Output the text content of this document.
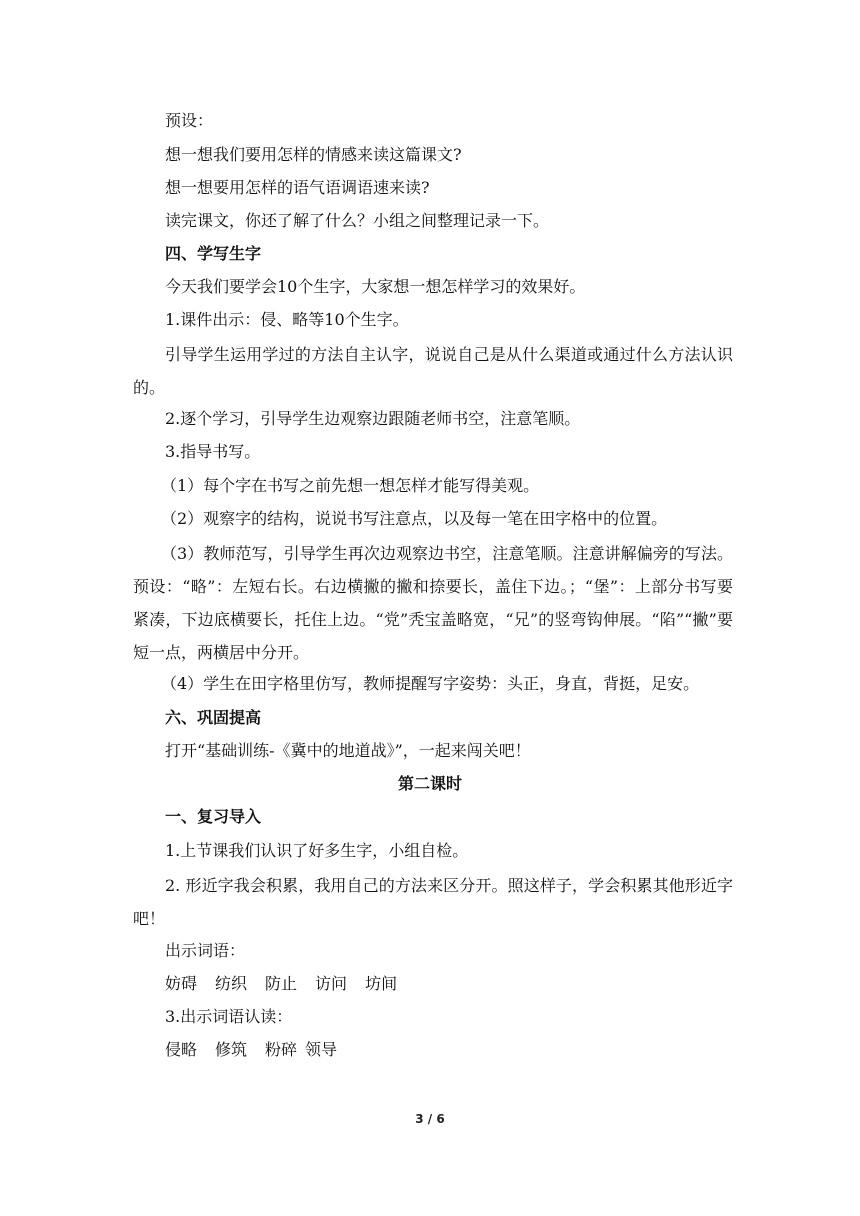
预设：
想一想我们要用怎样的情感来读这篇课文?
想一想要用怎样的语气语调语速来读?
读完课文，你还了解了什么？小组之间整理记录一下。
四、学写生字
今天我们要学会10个生字，大家想一想怎样学习的效果好。
1.课件出示：侵、略等10个生字。
引导学生运用学过的方法自主认字，说说自己是从什么渠道或通过什么方法认识的。
2.逐个学习，引导学生边观察边跟随老师书空，注意笔顺。
3.指导书写。
（1）每个字在书写之前先想一想怎样才能写得美观。
（2）观察字的结构，说说书写注意点，以及每一笔在田字格中的位置。
（3）教师范写，引导学生再次边观察边书空，注意笔顺。注意讲解偏旁的写法。 预设：“略”：左短右长。右边横撇的撇和捺要长，盖住下边。；“堡”：上部分书写要紧凑，下边底横要长，托住上边。“党”秃宝盖略宽，“兄”的竖弯钩伸展。“陷”“撇”要短一点，两横居中分开。
（4）学生在田字格里仿写，教师提醒写字姿势：头正，身直，背挺，足安。
六、巩固提高
打开“基础训练-《冀中的地道战》”，一起来闯关吧！
第二课时
一、复习导入
1.上节课我们认识了好多生字，小组自检。
2. 形近字我会积累，我用自己的方法来区分开。照这样子，学会积累其他形近字吧！
出示词语：
妨碍 纺织 防止 访问 坊间
3.出示词语认读：
侵略 修筑 粉碎 领导
3 / 6
